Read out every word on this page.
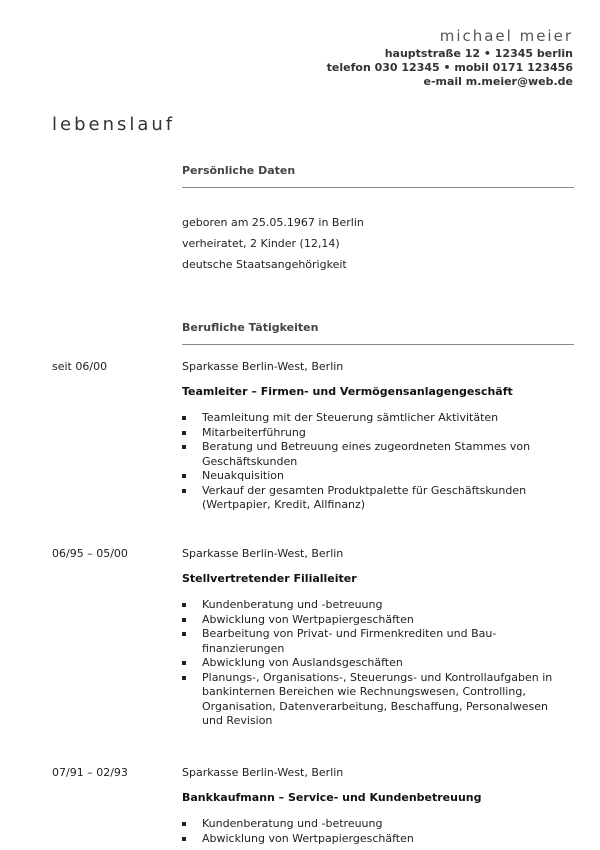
michael meier
hauptstraße 12 • 12345 berlin
telefon 030 12345 • mobil 0171 123456
e-mail m.meier@web.de
lebenslauf
Persönliche Daten
geboren am 25.05.1967 in Berlin
verheiratet, 2 Kinder (12,14)
deutsche Staatsangehörigkeit
Berufliche Tätigkeiten
seit 06/00	Sparkasse Berlin-West, Berlin
Teamleiter – Firmen- und Vermögensanlagengeschäft
Teamleitung mit der Steuerung sämtlicher Aktivitäten
Mitarbeiterführung
Beratung und Betreuung eines zugeordneten Stammes von Geschäftskunden
Neuakquisition
Verkauf der gesamten Produktpalette für Geschäftskunden (Wertpapier, Kredit, Allfinanz)
06/95 – 05/00	Sparkasse Berlin-West, Berlin
Stellvertretender Filialleiter
Kundenberatung und -betreuung
Abwicklung von Wertpapiergeschäften
Bearbeitung von Privat- und Firmenkrediten und Bau-finanzierungen
Abwicklung von Auslandsgeschäften
Planungs-, Organisations-, Steuerungs- und Kontrollaufgaben in bankinternen Bereichen wie Rechnungswesen, Controlling, Organisation, Datenverarbeitung, Beschaffung, Personalwesen und Revision
07/91 – 02/93	Sparkasse Berlin-West, Berlin
Bankkaufmann – Service- und Kundenbetreuung
Kundenberatung und -betreuung
Abwicklung von Wertpapiergeschäften
